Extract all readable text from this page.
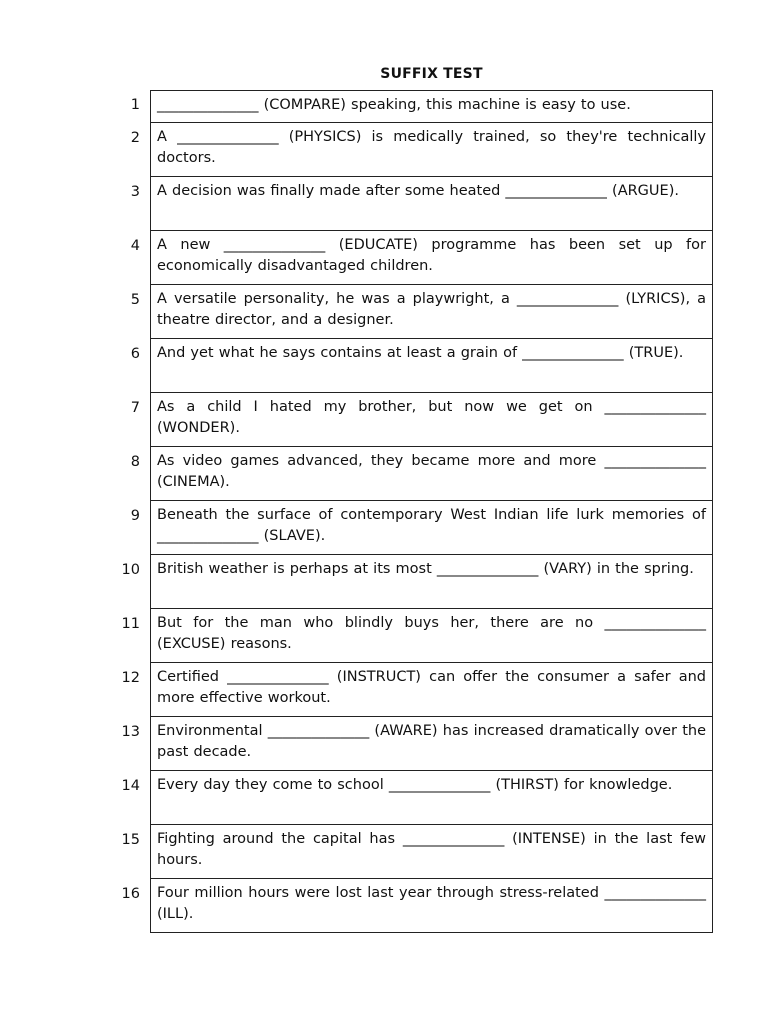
SUFFIX TEST
1	______________ (COMPARE) speaking, this machine is easy to use.
2	A ______________ (PHYSICS) is medically trained, so they're technically doctors.
3	A decision was finally made after some heated ______________ (ARGUE).
4	A new ______________ (EDUCATE) programme has been set up for economically disadvantaged children.
5	A versatile personality, he was a playwright, a ______________ (LYRICS), a theatre director, and a designer.
6	And yet what he says contains at least a grain of ______________ (TRUE).
7	As a child I hated my brother, but now we get on ______________ (WONDER).
8	As video games advanced, they became more and more ______________ (CINEMA).
9	Beneath the surface of contemporary West Indian life lurk memories of ______________ (SLAVE).
10	British weather is perhaps at its most ______________ (VARY) in the spring.
11	But for the man who blindly buys her, there are no ______________ (EXCUSE) reasons.
12	Certified ______________ (INSTRUCT) can offer the consumer a safer and more effective workout.
13	Environmental ______________ (AWARE) has increased dramatically over the past decade.
14	Every day they come to school ______________ (THIRST) for knowledge.
15	Fighting around the capital has ______________ (INTENSE) in the last few hours.
16	Four million hours were lost last year through stress-related ______________ (ILL).
